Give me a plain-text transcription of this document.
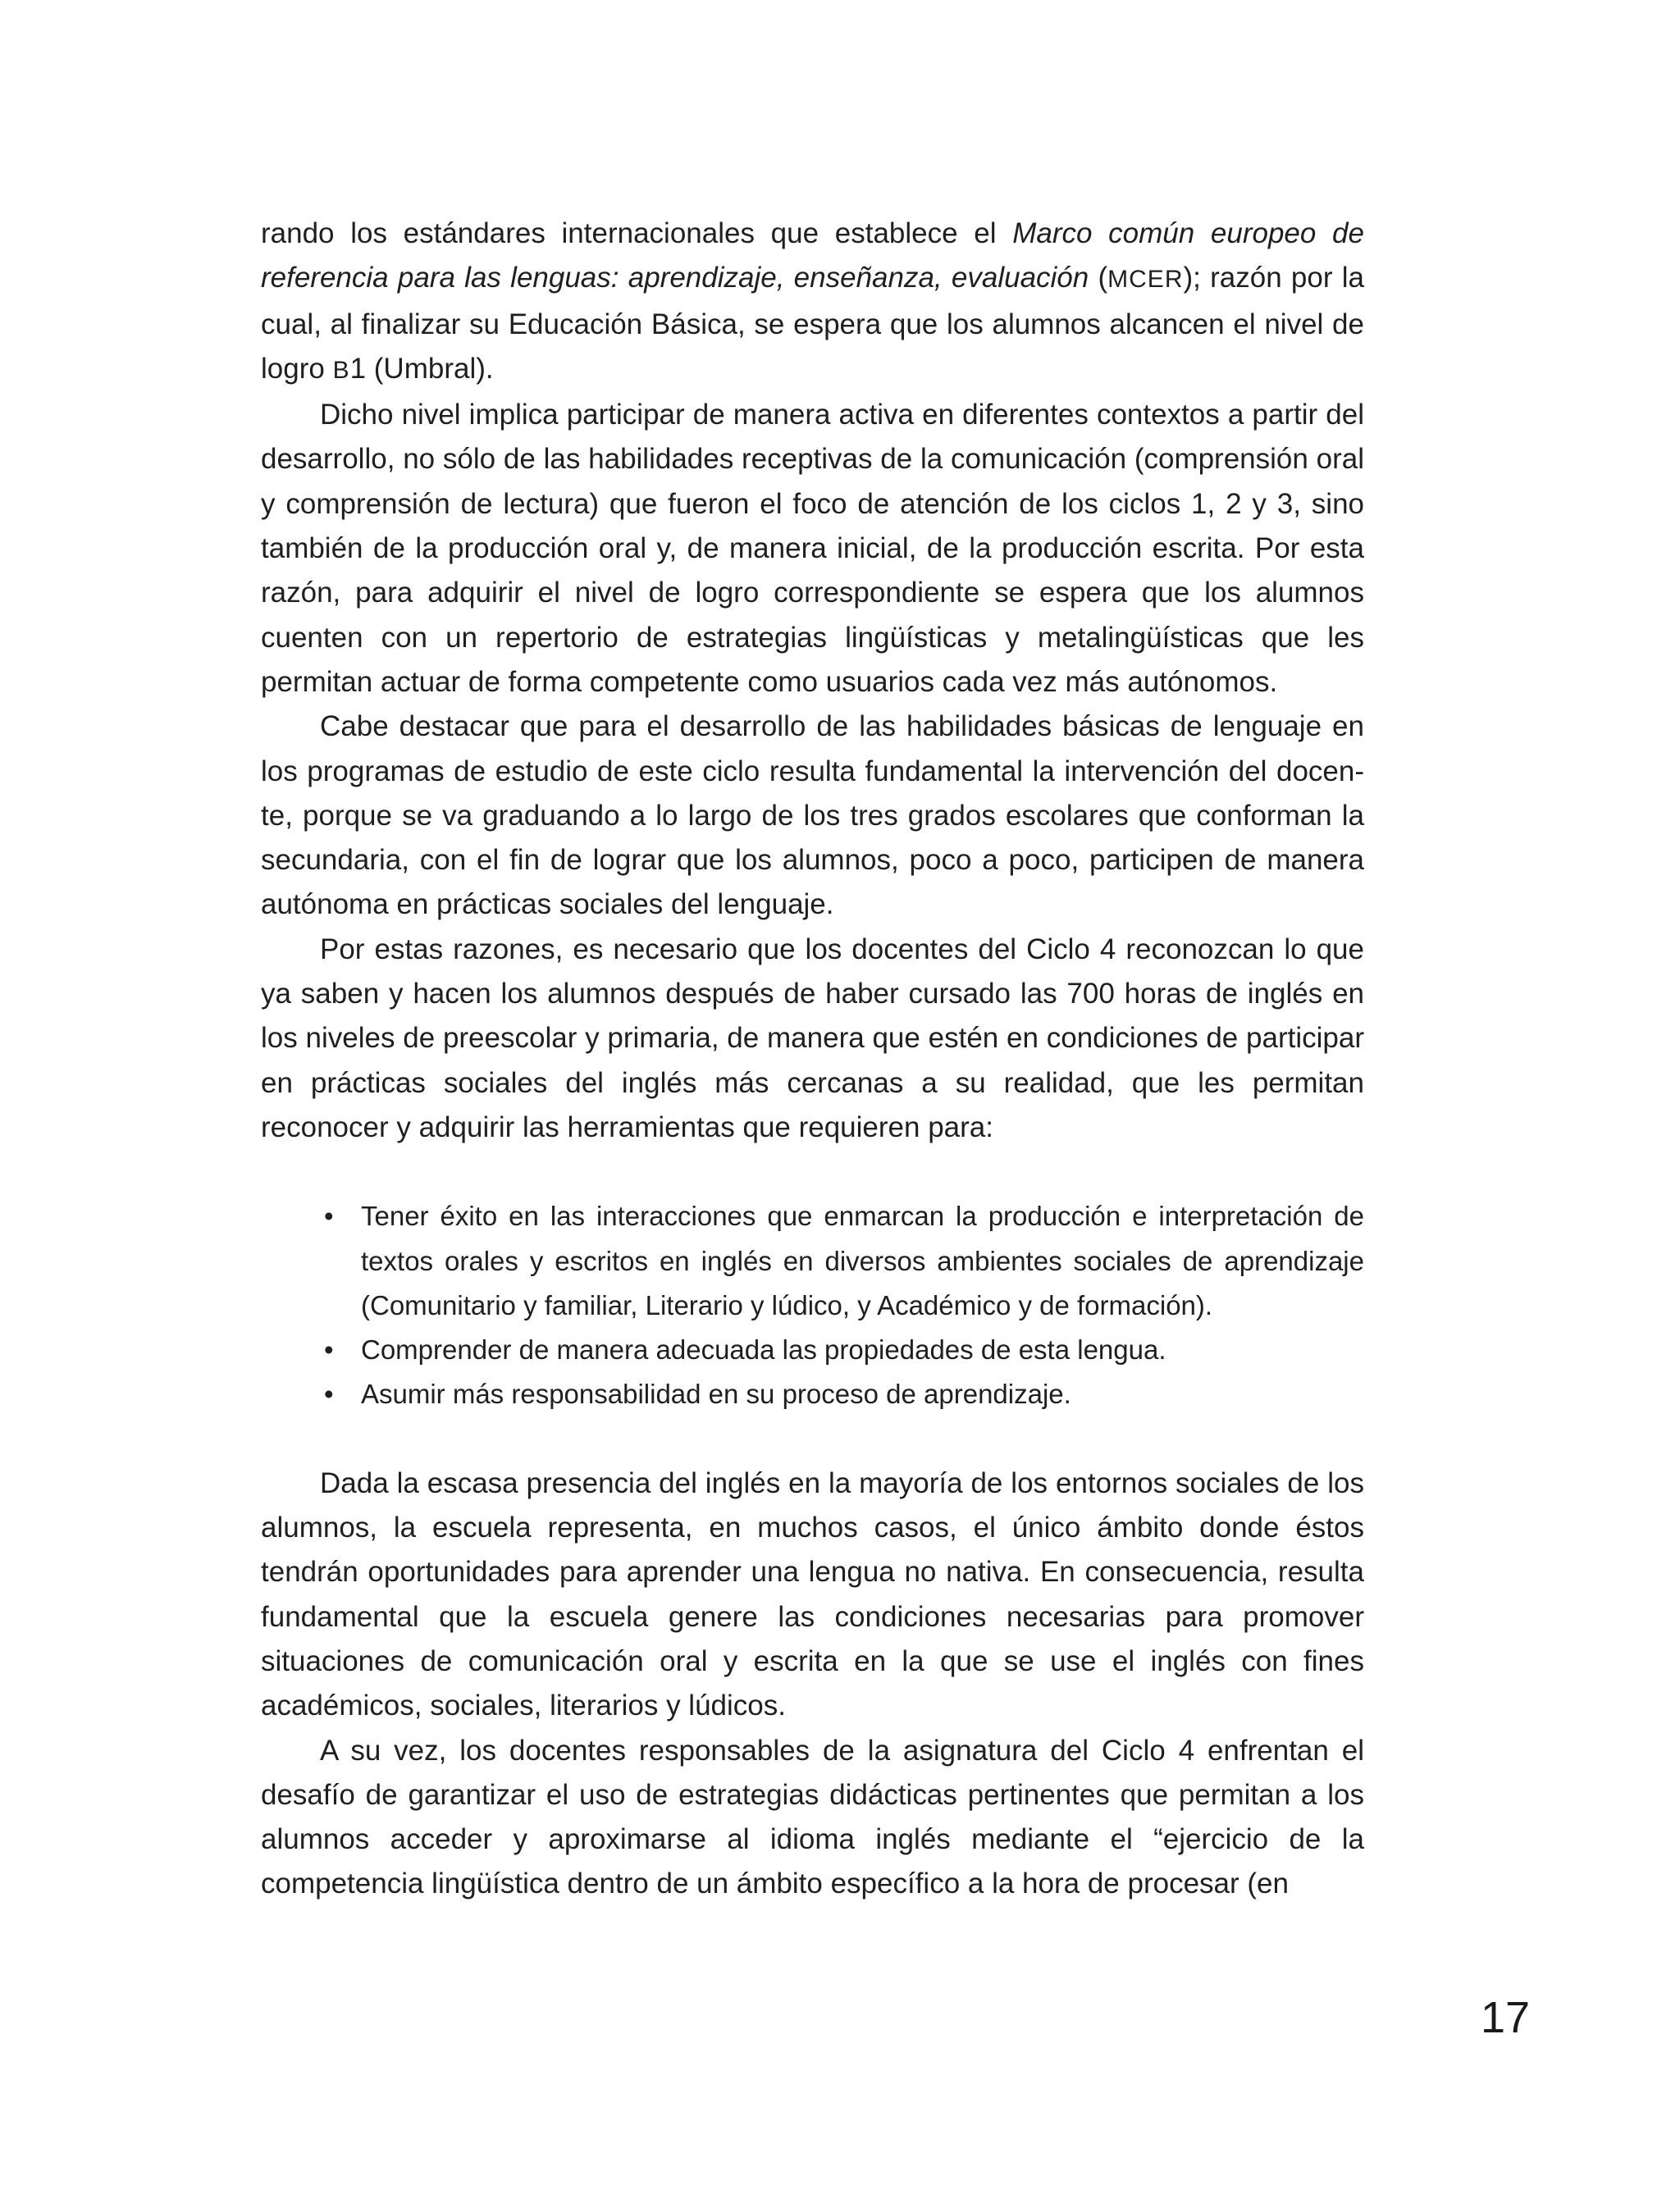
rando los estándares internacionales que establece el Marco común europeo de referencia para las lenguas: aprendizaje, enseñanza, evaluación (MCER); razón por la cual, al finalizar su Educación Básica, se espera que los alumnos alcancen el nivel de logro B1 (Umbral).

Dicho nivel implica participar de manera activa en diferentes contextos a partir del desarrollo, no sólo de las habilidades receptivas de la comunicación (comprensión oral y comprensión de lectura) que fueron el foco de atención de los ciclos 1, 2 y 3, sino también de la producción oral y, de manera inicial, de la producción escrita. Por esta razón, para adquirir el nivel de logro correspondiente se espera que los alumnos cuenten con un repertorio de estrategias lingüísticas y metalingüísticas que les permitan actuar de forma competente como usuarios cada vez más autónomos.

Cabe destacar que para el desarrollo de las habilidades básicas de lenguaje en los programas de estudio de este ciclo resulta fundamental la intervención del docente, porque se va graduando a lo largo de los tres grados escolares que conforman la secundaria, con el fin de lograr que los alumnos, poco a poco, participen de manera autónoma en prácticas sociales del lenguaje.

Por estas razones, es necesario que los docentes del Ciclo 4 reconozcan lo que ya saben y hacen los alumnos después de haber cursado las 700 horas de inglés en los niveles de preescolar y primaria, de manera que estén en condiciones de participar en prácticas sociales del inglés más cercanas a su realidad, que les permitan reconocer y adquirir las herramientas que requieren para:

• Tener éxito en las interacciones que enmarcan la producción e interpretación de textos orales y escritos en inglés en diversos ambientes sociales de aprendizaje (Comunitario y familiar, Literario y lúdico, y Académico y de formación).
• Comprender de manera adecuada las propiedades de esta lengua.
• Asumir más responsabilidad en su proceso de aprendizaje.

Dada la escasa presencia del inglés en la mayoría de los entornos sociales de los alumnos, la escuela representa, en muchos casos, el único ámbito donde éstos tendrán oportunidades para aprender una lengua no nativa. En consecuencia, resulta fundamental que la escuela genere las condiciones necesarias para promover situaciones de comunicación oral y escrita en la que se use el inglés con fines académicos, sociales, literarios y lúdicos.

A su vez, los docentes responsables de la asignatura del Ciclo 4 enfrentan el desafío de garantizar el uso de estrategias didácticas pertinentes que permitan a los alumnos acceder y aproximarse al idioma inglés mediante el “ejercicio de la competencia lingüística dentro de un ámbito específico a la hora de procesar (en

17
